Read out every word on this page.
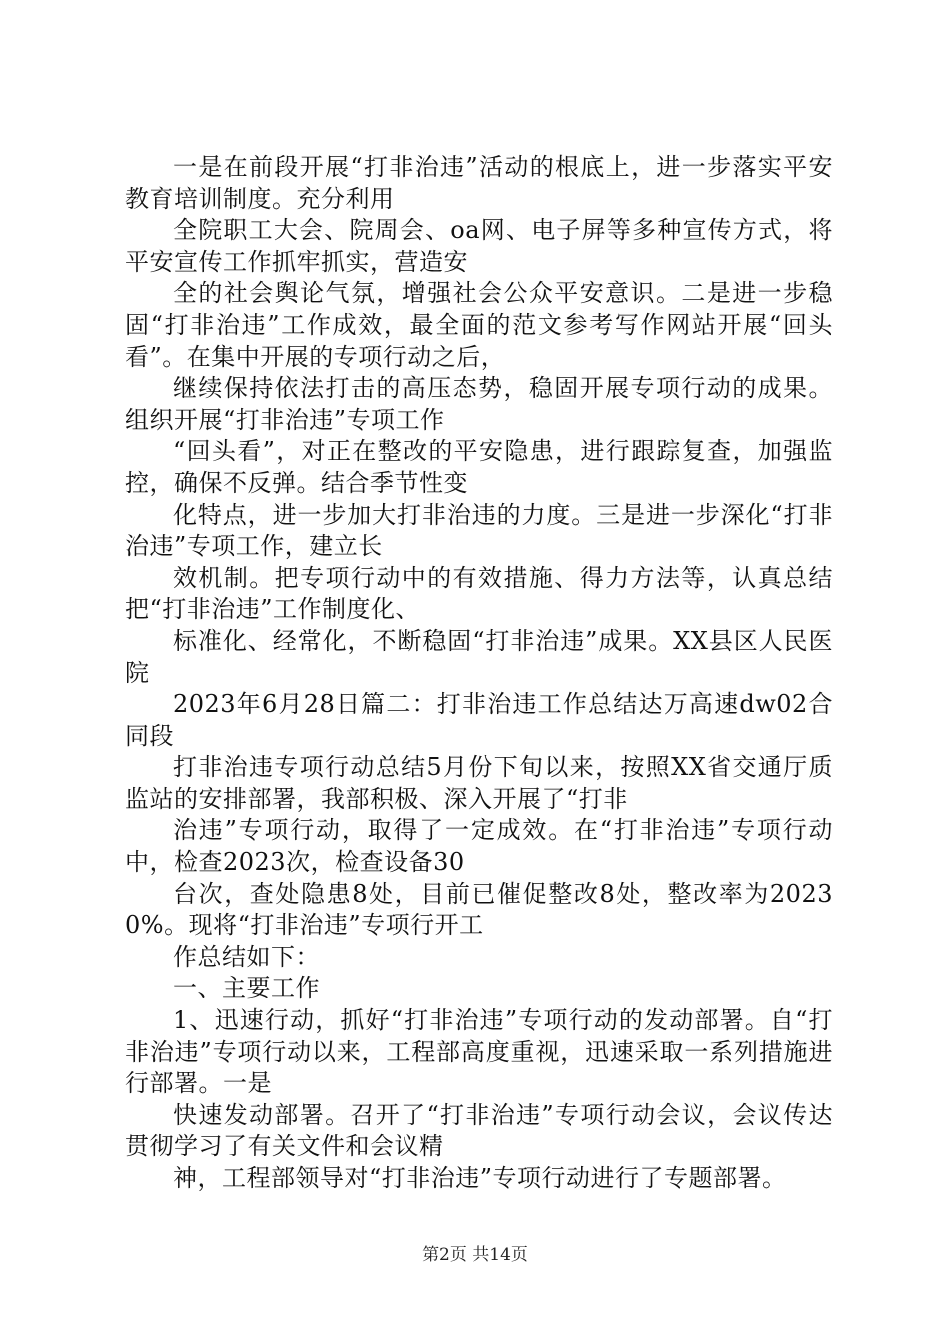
一是在前段开展“打非治违”活动的根底上，进一步落实平安教育培训制度。充分利用

全院职工大会、院周会、oa网、电子屏等多种宣传方式，将平安宣传工作抓牢抓实，营造安

全的社会舆论气氛，增强社会公众平安意识。二是进一步稳固“打非治违”工作成效，最全面的范文参考写作网站开展“回头看”。在集中开展的专项行动之后，

继续保持依法打击的高压态势，稳固开展专项行动的成果。组织开展“打非治违”专项工作

“回头看”，对正在整改的平安隐患，进行跟踪复查，加强监控，确保不反弹。结合季节性变

化特点，进一步加大打非治违的力度。三是进一步深化“打非治违”专项工作，建立长

效机制。把专项行动中的有效措施、得力方法等，认真总结把“打非治违”工作制度化、

标准化、经常化，不断稳固“打非治违”成果。XX县区人民医院

2023年6月28日篇二：打非治违工作总结达万高速dw02合同段

打非治违专项行动总结5月份下旬以来，按照XX省交通厅质监站的安排部署，我部积极、深入开展了“打非

治违”专项行动，取得了一定成效。在“打非治违”专项行动中，检查2023次，检查设备30

台次，查处隐患8处，目前已催促整改8处，整改率为20230%。现将“打非治违”专项行开工

作总结如下：

一、主要工作

1、迅速行动，抓好“打非治违”专项行动的发动部署。自“打非治违”专项行动以来，工程部高度重视，迅速采取一系列措施进行部署。一是

快速发动部署。召开了“打非治违”专项行动会议，会议传达贯彻学习了有关文件和会议精

神，工程部领导对“打非治违”专项行动进行了专题部署。

第2页 共14页
